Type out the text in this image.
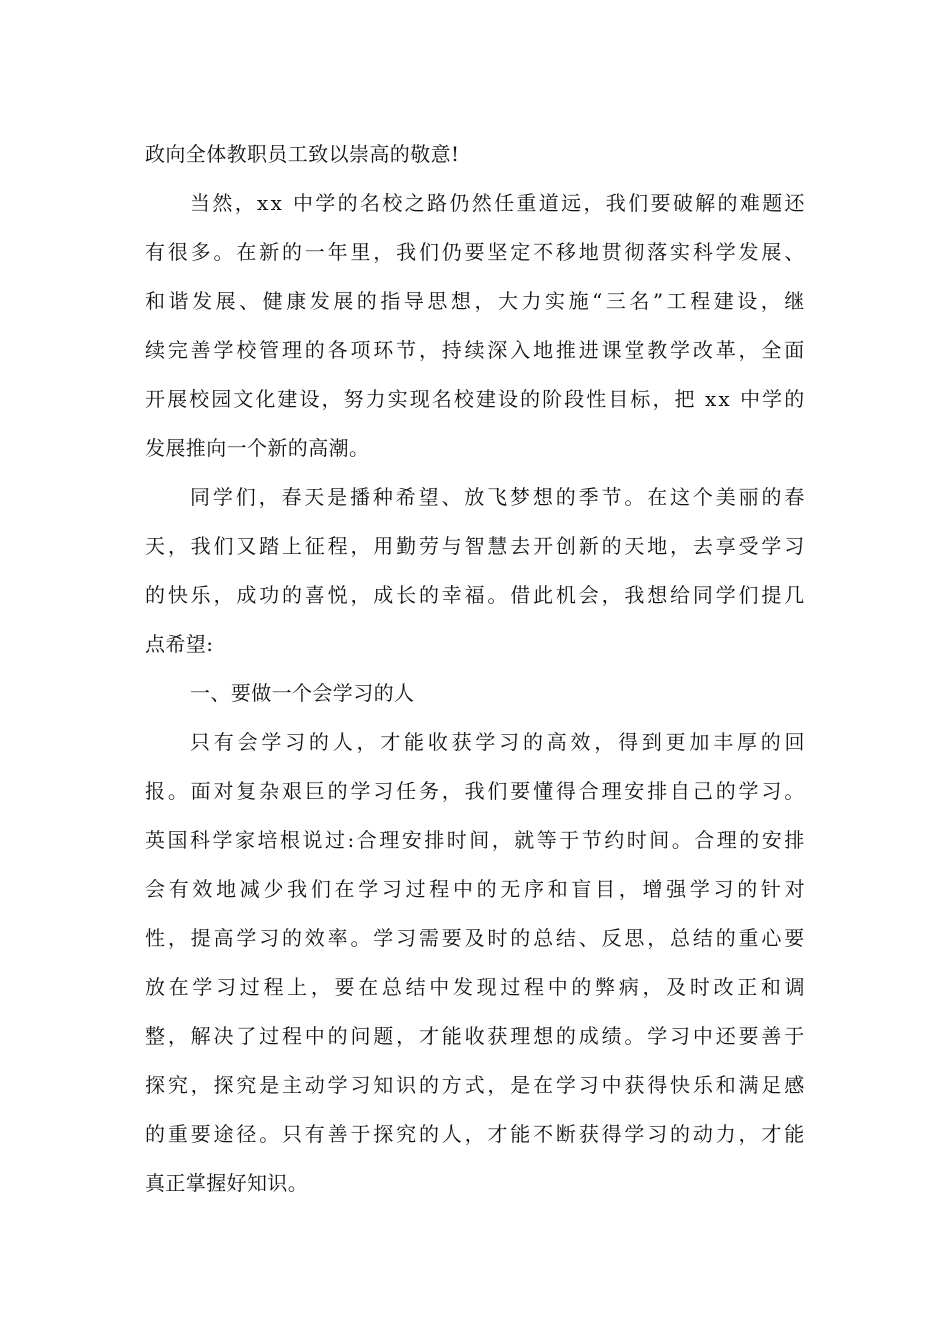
政向全体教职员工致以崇高的敬意!
当 然 ， x x
中 学 的 名 校 之 路 仍 然 任 重 道 远 ， 我 们 要 破 解 的 难 题 还
有 很 多 。 在 新 的 一 年 里 ， 我 们 仍 要 坚 定 不 移 地 贯 彻 落 实 科 学 发 展 、
和 谐 发 展 、 健 康 发 展 的 指 导 思 想 ， 大 力 实 施 “ 三 名 ” 工 程 建 设 ， 继
续 完 善 学 校 管 理 的 各 项 环 节 ， 持 续 深 入 地 推 进 课 堂 教 学 改 革 ， 全 面
开 展 校 园 文 化 建 设 ， 努 力 实 现 名 校 建 设 的 阶 段 性 目 标 ， 把
x x
中 学 的
发展推向一个新的高潮。
同 学 们 ， 春 天 是 播 种 希 望 、 放 飞 梦 想 的 季 节 。 在 这 个 美 丽 的 春
天 ， 我 们 又 踏 上 征 程 ， 用 勤 劳 与 智 慧 去 开 创 新 的 天 地 ， 去 享 受 学 习
的 快 乐 ， 成 功 的 喜 悦 ， 成 长 的 幸 福 。 借 此 机 会 ， 我 想 给 同 学 们 提 几
点希望:
一、要做一个会学习的人
只 有 会 学 习 的 人 ， 才 能 收 获 学 习 的 高 效 ， 得 到 更 加 丰 厚 的 回
报 。 面 对 复 杂 艰 巨 的 学 习 任 务 ， 我 们 要 懂 得 合 理 安 排 自 己 的 学 习 。
英 国 科 学 家 培 根 说 过 : 合 理 安 排 时 间 ， 就 等 于 节 约 时 间 。 合 理 的 安 排
会 有 效 地 减 少 我 们 在 学 习 过 程 中 的 无 序 和 盲 目 ， 增 强 学 习 的 针 对
性 ， 提 高 学 习 的 效 率 。 学 习 需 要 及 时 的 总 结 、 反 思 ， 总 结 的 重 心 要
放 在 学 习 过 程 上 ， 要 在 总 结 中 发 现 过 程 中 的 弊 病 ， 及 时 改 正 和 调
整 ， 解 决 了 过 程 中 的 问 题 ， 才 能 收 获 理 想 的 成 绩 。 学 习 中 还 要 善 于
探 究 ， 探 究 是 主 动 学 习 知 识 的 方 式 ， 是 在 学 习 中 获 得 快 乐 和 满 足 感
的 重 要 途 径 。 只 有 善 于 探 究 的 人 ， 才 能 不 断 获 得 学 习 的 动 力 ， 才 能
真正掌握好知识。
